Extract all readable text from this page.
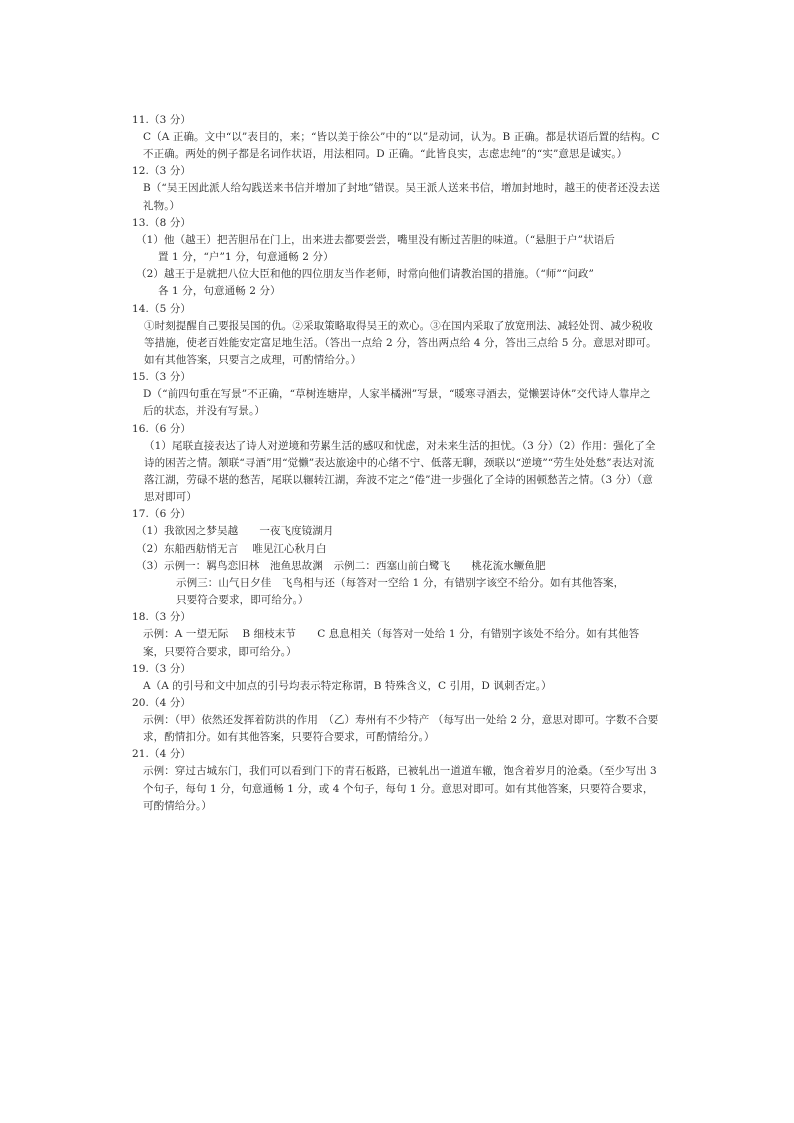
11.（3 分）
C（A 正确。文中“以”表目的，来；“皆以美于徐公”中的“以”是动词，认为。B 正确。都是状语后置的结构。C 不正确。两处的例子都是名词作状语，用法相同。D 正确。“此皆良实，志虑忠纯”的“实”意思是诚实。）
12.（3 分）
B（“吴王因此派人给勾践送来书信并增加了封地”错误。吴王派人送来书信，增加封地时，越王的使者还没去送礼物。）
13.（8 分）
（1）他（越王）把苦胆吊在门上，出来进去都要尝尝，嘴里没有断过苦胆的味道。（“悬胆于户”状语后
置 1 分，“户”1 分，句意通畅 2 分）
（2）越王于是就把八位大臣和他的四位朋友当作老师，时常向他们请教治国的措施。（“师”“问政”
各 1 分，句意通畅 2 分）
14.（5 分）
①时刻提醒自己要报吴国的仇。②采取策略取得吴王的欢心。③在国内采取了放宽刑法、减轻处罚、减少税收等措施，使老百姓能安定富足地生活。（答出一点给 2 分，答出两点给 4 分，答出三点给 5 分。意思对即可。如有其他答案，只要言之成理，可酌情给分。）
15.（3 分）
D（“前四句重在写景”不正确，“草树连塘岸，人家半橘洲”写景，“暖寒寻酒去，觉懒罢诗休”交代诗人靠岸之后的状态，并没有写景。）
16.（6 分）
（1）尾联直接表达了诗人对逆境和劳累生活的感叹和忧虑，对未来生活的担忧。（3 分）（2）作用：强化了全诗的困苦之情。颔联“寻酒”用“觉懒”表达旅途中的心绪不宁、低落无聊，颈联以“逆境”“劳生处处愁”表达对流落江湖，劳碌不堪的愁苦，尾联以辗转江湖，奔波不定之“倦”进一步强化了全诗的困顿愁苦之情。（3 分）（意思对即可）
17.（6 分）
（1）我欲因之梦吴越　　一夜飞度镜湖月
（2）东船西舫悄无言　 唯见江心秋月白
（3）示例一：羁鸟恋旧林　池鱼思故渊　示例二：西塞山前白鹭飞　　桃花流水鳜鱼肥
示例三：山气日夕佳　飞鸟相与还（每答对一空给 1 分，有错别字该空不给分。如有其他答案，
只要符合要求，即可给分。）
18.（3 分）
示例：A 一望无际　 B 细枝末节　　C 息息相关（每答对一处给 1 分，有错别字该处不给分。如有其他答案，只要符合要求，即可给分。）
19.（3 分）
A（A 的引号和文中加点的引号均表示特定称谓，B 特殊含义，C 引用，D 讽刺否定。）
20.（4 分）
示例：（甲）依然还发挥着防洪的作用　（乙）寿州有不少特产 （每写出一处给 2 分，意思对即可。字数不合要求，酌情扣分。如有其他答案，只要符合要求，可酌情给分。）
21.（4 分）
示例：穿过古城东门，我们可以看到门下的青石板路，已被轧出一道道车辙，饱含着岁月的沧桑。（至少写出 3 个句子，每句 1 分，句意通畅 1 分，或 4 个句子，每句 1 分。意思对即可。如有其他答案，只要符合要求，可酌情给分。）
